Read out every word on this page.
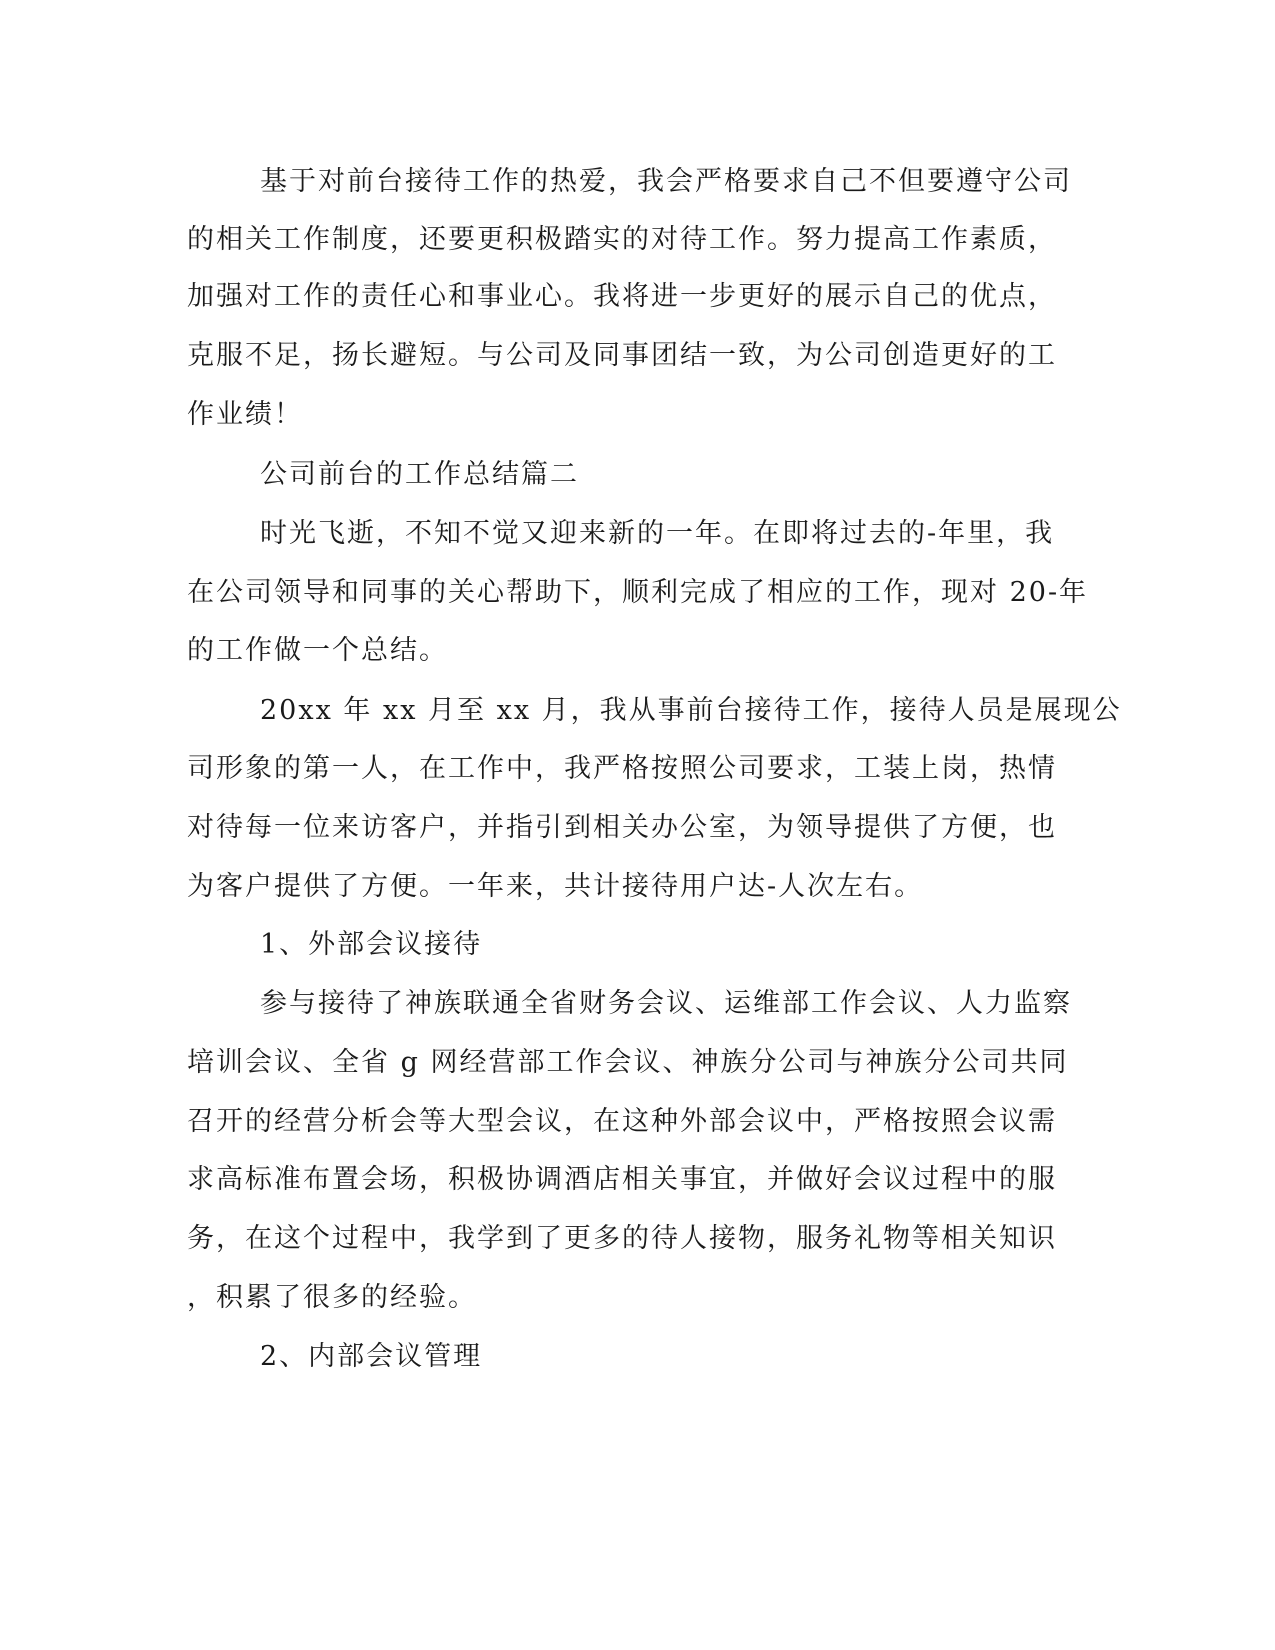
基于对前台接待工作的热爱，我会严格要求自己不但要遵守公司
的相关工作制度，还要更积极踏实的对待工作。努力提高工作素质，
加强对工作的责任心和事业心。我将进一步更好的展示自己的优点，
克服不足，扬长避短。与公司及同事团结一致，为公司创造更好的工
作业绩！
公司前台的工作总结篇二
时光飞逝，不知不觉又迎来新的一年。在即将过去的-年里，我
在公司领导和同事的关心帮助下，顺利完成了相应的工作，现对 20-年
的工作做一个总结。
20xx 年 xx 月至 xx 月，我从事前台接待工作，接待人员是展现公
司形象的第一人，在工作中，我严格按照公司要求，工装上岗，热情
对待每一位来访客户，并指引到相关办公室，为领导提供了方便，也
为客户提供了方便。一年来，共计接待用户达-人次左右。
1、外部会议接待
参与接待了神族联通全省财务会议、运维部工作会议、人力监察
培训会议、全省 g 网经营部工作会议、神族分公司与神族分公司共同
召开的经营分析会等大型会议，在这种外部会议中，严格按照会议需
求高标准布置会场，积极协调酒店相关事宜，并做好会议过程中的服
务，在这个过程中，我学到了更多的待人接物，服务礼物等相关知识
，积累了很多的经验。
2、内部会议管理
